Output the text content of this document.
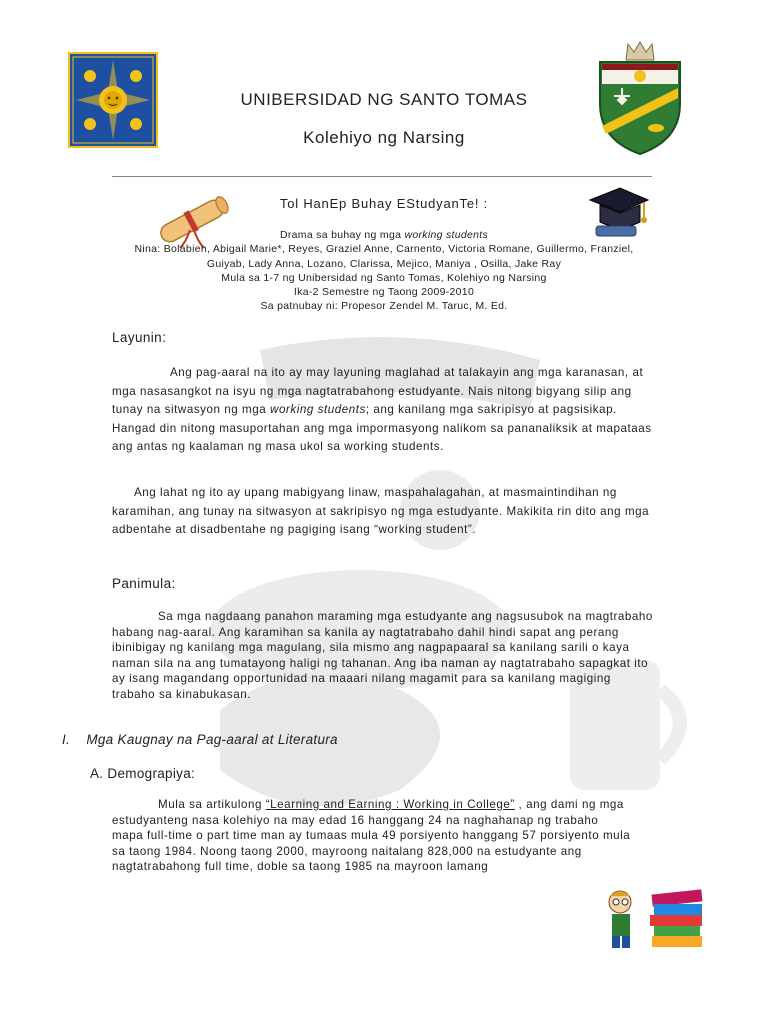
UNIBERSIDAD NG SANTO TOMAS
Kolehiyo ng Narsing
Tol HanEp Buhay EStudyanTe! :
Drama sa buhay ng mga working students
Nina: Bolabien, Abigail Marie*, Reyes, Graziel Anne, Carnento, Victoria Romane, Guillermo, Franziel,
Guiyab, Lady Anna, Lozano, Clarissa, Mejico, Maniya , Osilla, Jake Ray
Mula sa 1-7 ng Unibersidad ng Santo Tomas, Kolehiyo ng Narsing
Ika-2 Semestre ng Taong 2009-2010
Sa patnubay ni: Propesor Zendel M. Taruc, M. Ed.
Layunin:
Ang pag-aaral na ito ay may layuning maglahad at talakayin ang mga karanasan, at mga nasasangkot na isyu ng mga nagtatrabahong estudyante. Nais nitong bigyang silip ang tunay na sitwasyon ng mga working students; ang kanilang mga sakripisyo at pagsisikap. Hangad din nitong masuportahan ang mga impormasyong nalikom sa pananaliksik at mapataas ang antas ng kaalaman ng masa ukol sa working students.
Ang lahat ng ito ay upang mabigyang linaw, maspahalagahan, at masmaintindihan ng karamihan, ang tunay na sitwasyon at sakripisyo ng mga estudyante. Makikita rin dito ang mga adbentahe at disadbentahe ng pagiging isang “working student”.
Panimula:
Sa mga nagdaang panahon maraming mga estudyante ang nagsusubok na magtrabaho habang nag-aaral. Ang karamihan sa kanila ay nagtatrabaho dahil hindi sapat ang perang ibinibigay ng kanilang mga magulang, sila mismo ang nagpapaaral sa kanilang sarili o kaya naman sila na ang tumatayong haligi ng tahanan. Ang iba naman ay nagtatrabaho sapagkat ito ay isang magandang opportunidad na maaari nilang magamit para sa kanilang magiging trabaho sa kinabukasan.
I. Mga Kaugnay na Pag-aaral at Literatura
A. Demograpiya:
Mula sa artikulong “Learning and Earning : Working in College” , ang dami ng mga estudyanteng nasa kolehiyo na may edad 16 hanggang 24 na naghahanap ng trabaho mapa full-time o part time man ay tumaas mula 49 porsiyento hanggang 57 porsiyento mula sa taong 1984. Noong taong 2000, mayroong naitalang 828,000 na estudyante ang nagtatrabahong full time, doble sa taong 1985 na mayroon lamang
